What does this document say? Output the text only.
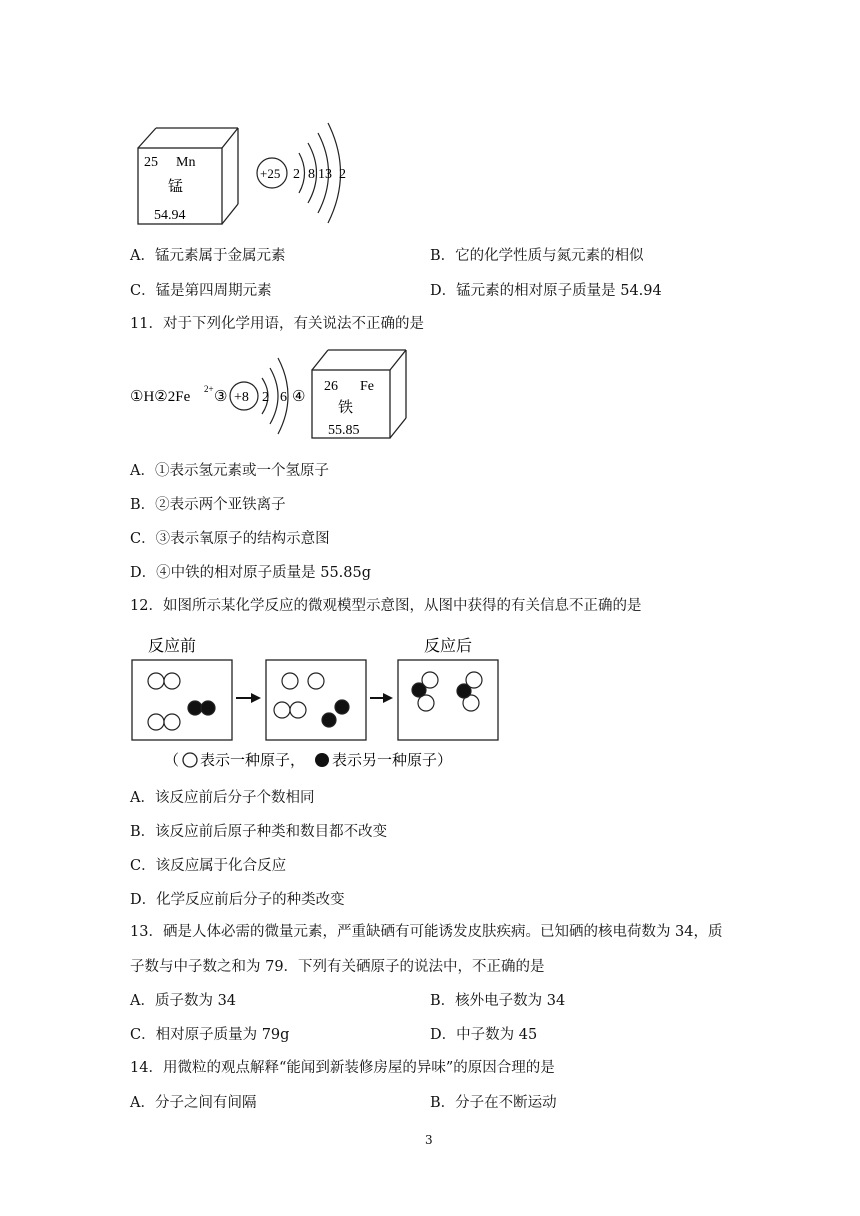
25 Mn
锰
54.94
+25 2 8 13 2
A．锰元素属于金属元素	B．它的化学性质与氮元素的相似
C．锰是第四周期元素	D．锰元素的相对原子质量是 54.94
11．对于下列化学用语，有关说法不正确的是
①H②2Fe 2+ ③ +8 2 6 ④
26 Fe
铁
55.85
A．①表示氢元素或一个氢原子
B．②表示两个亚铁离子
C．③表示氧原子的结构示意图
D．④中铁的相对原子质量是 55.85g
12．如图所示某化学反应的微观模型示意图，从图中获得的有关信息不正确的是
反应前	反应后
（ 表示一种原子， 表示另一种原子）
A．该反应前后分子个数相同
B．该反应前后原子种类和数目都不改变
C．该反应属于化合反应
D．化学反应前后分子的种类改变
13．硒是人体必需的微量元素，严重缺硒有可能诱发皮肤疾病。已知硒的核电荷数为 34，质
子数与中子数之和为 79．下列有关硒原子的说法中，不正确的是
A．质子数为 34	B．核外电子数为 34
C．相对原子质量为 79g	D．中子数为 45
14．用微粒的观点解释“能闻到新装修房屋的异味”的原因合理的是
A．分子之间有间隔	B．分子在不断运动
3
